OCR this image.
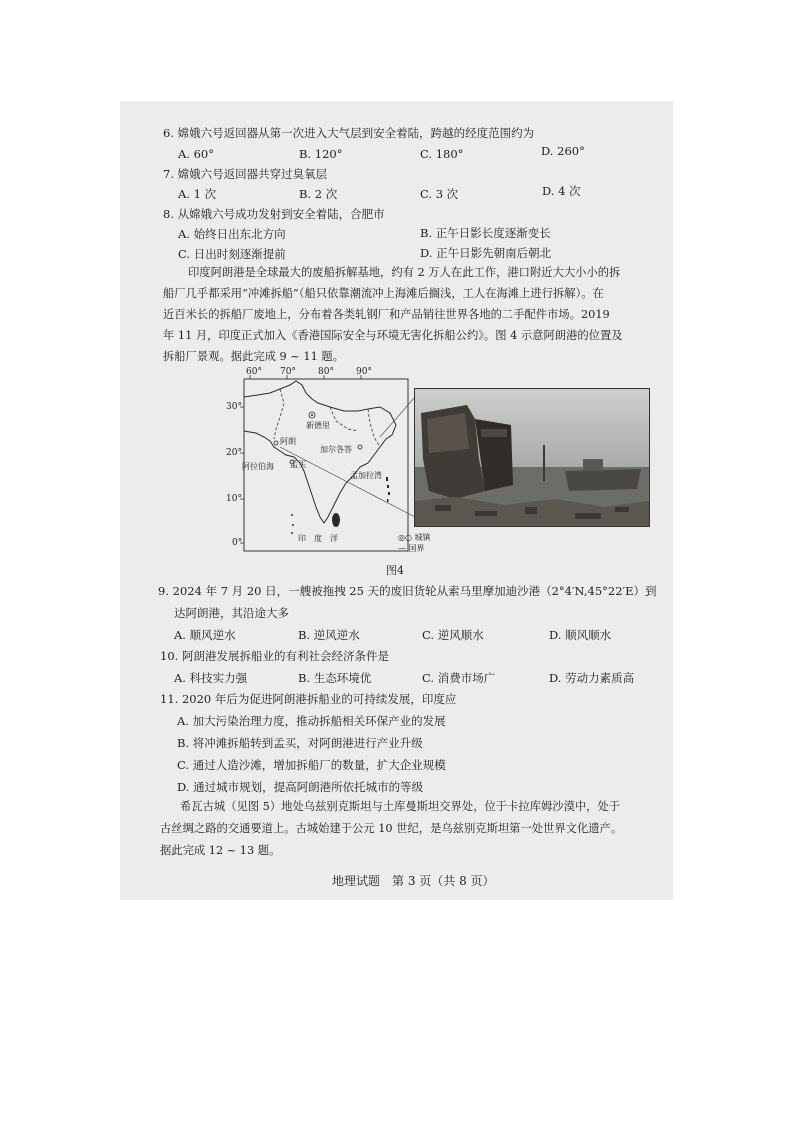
6. 嫦娥六号返回器从第一次进入大气层到安全着陆，跨越的经度范围约为
A. 60°	B. 120°	C. 180°	D. 260°
7. 嫦娥六号返回器共穿过臭氧层
A. 1 次	B. 2 次	C. 3 次	D. 4 次
8. 从嫦娥六号成功发射到安全着陆，合肥市
A. 始终日出东北方向	B. 正午日影长度逐渐变长
C. 日出时刻逐渐提前	D. 正午日影先朝南后朝北
印度阿朗港是全球最大的废船拆解基地，约有 2 万人在此工作，港口附近大大小小的拆
船厂几乎都采用“冲滩拆船”（船只依靠潮流冲上海滩后搁浅，工人在海滩上进行拆解）。在
近百米长的拆船厂废地上，分布着各类轧钢厂和产品销往世界各地的二手配件市场。2019
年 11 月，印度正式加入《香港国际安全与环境无害化拆船公约》。图 4 示意阿朗港的位置及
拆船厂景观。据此完成 9 ~ 11 题。
60° 70° 80° 90°
30°
20°
10°
0°
新德里
阿朗
加尔各答
阿拉伯海 孟买
孟加拉湾
印　度　洋	◎○ 城镇
— 国界
图4
9. 2024 年 7 月 20 日，一艘被拖拽 25 天的废旧货轮从索马里摩加迪沙港（2°4′N,45°22′E）到
达阿朗港，其沿途大多
A. 顺风逆水	B. 逆风逆水	C. 逆风顺水	D. 顺风顺水
10. 阿朗港发展拆船业的有利社会经济条件是
A. 科技实力强	B. 生态环境优	C. 消费市场广	D. 劳动力素质高
11. 2020 年后为促进阿朗港拆船业的可持续发展，印度应
A. 加大污染治理力度，推动拆船相关环保产业的发展
B. 将冲滩拆船转到孟买，对阿朗港进行产业升级
C. 通过人造沙滩，增加拆船厂的数量，扩大企业规模
D. 通过城市规划，提高阿朗港所依托城市的等级
希瓦古城（见图 5）地处乌兹别克斯坦与土库曼斯坦交界处，位于卡拉库姆沙漠中，处于
古丝绸之路的交通要道上。古城始建于公元 10 世纪，是乌兹别克斯坦第一处世界文化遗产。
据此完成 12 ~ 13 题。
地理试题　第 3 页（共 8 页）
